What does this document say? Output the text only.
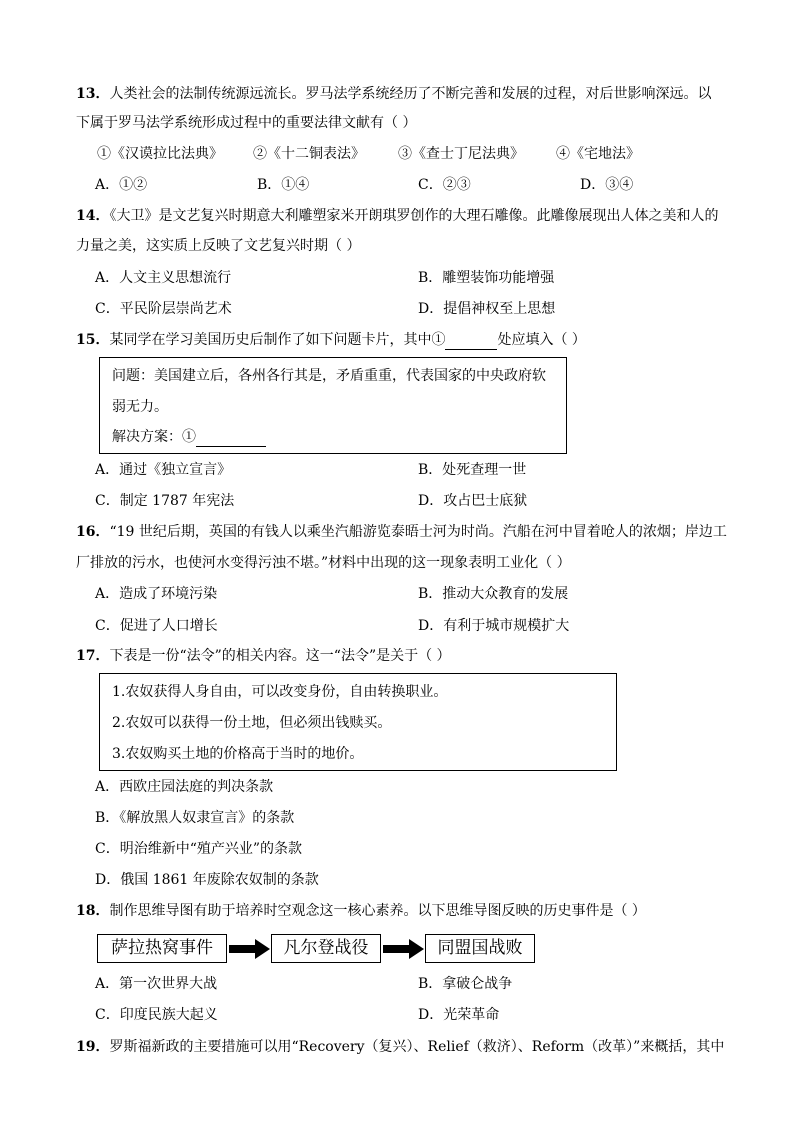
13．人类社会的法制传统源远流长。罗马法学系统经历了不断完善和发展的过程，对后世影响深远。以
下属于罗马法学系统形成过程中的重要法律文献有（ ）
①《汉谟拉比法典》 ②《十二铜表法》 ③《查士丁尼法典》 ④《宅地法》
A．①②	B．①④	C．②③	D．③④
14．《大卫》是文艺复兴时期意大利雕塑家米开朗琪罗创作的大理石雕像。此雕像展现出人体之美和人的
力量之美，这实质上反映了文艺复兴时期（ ）
A．人文主义思想流行	B．雕塑装饰功能增强
C．平民阶层崇尚艺术	D．提倡神权至上思想
15．某同学在学习美国历史后制作了如下问题卡片，其中①	处应填入（ ）
问题：美国建立后，各州各行其是，矛盾重重，代表国家的中央政府软
弱无力。
解决方案：①
A．通过《独立宣言》	B．处死查理一世
C．制定 1787 年宪法	D．攻占巴士底狱
16．“19 世纪后期，英国的有钱人以乘坐汽船游览泰晤士河为时尚。汽船在河中冒着呛人的浓烟；岸边工
厂排放的污水，也使河水变得污浊不堪。”材料中出现的这一现象表明工业化（ ）
A．造成了环境污染	B．推动大众教育的发展
C．促进了人口增长	D．有利于城市规模扩大
17．下表是一份“法令”的相关内容。这一“法令”是关于（ ）
1.农奴获得人身自由，可以改变身份，自由转换职业。
2.农奴可以获得一份土地，但必须出钱赎买。
3.农奴购买土地的价格高于当时的地价。
A．西欧庄园法庭的判决条款
B．《解放黑人奴隶宣言》的条款
C．明治维新中“殖产兴业”的条款
D．俄国 1861 年废除农奴制的条款
18．制作思维导图有助于培养时空观念这一核心素养。以下思维导图反映的历史事件是（ ）
萨拉热窝事件	凡尔登战役	同盟国战败
A．第一次世界大战	B．拿破仑战争
C．印度民族大起义	D．光荣革命
19．罗斯福新政的主要措施可以用“Recovery（复兴）、Relief（救济）、Reform（改革）”来概括，其中
